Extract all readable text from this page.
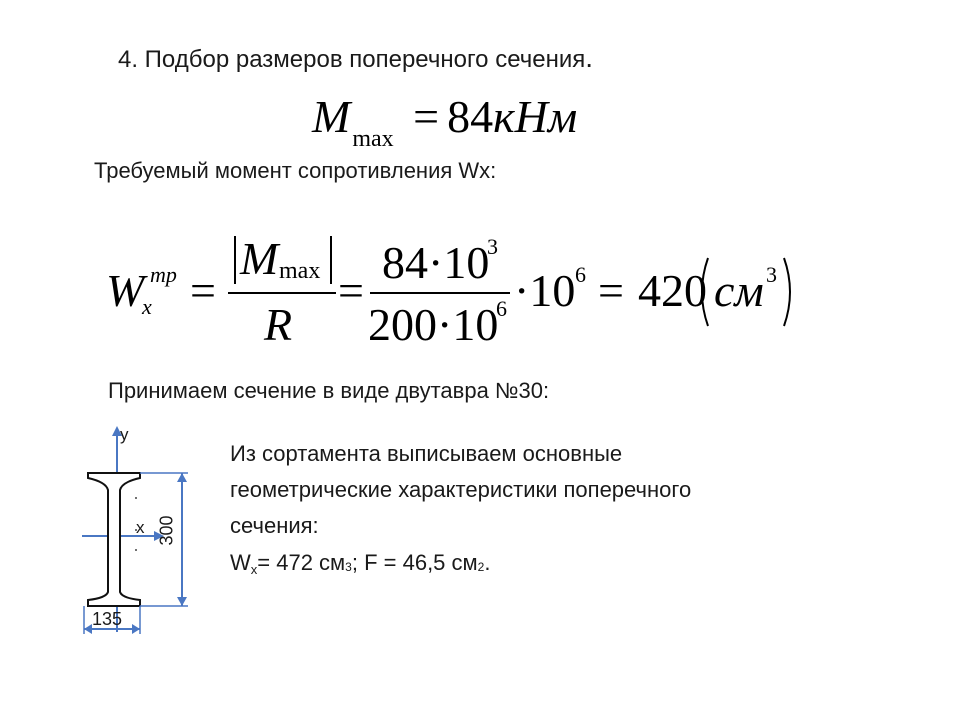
4. Подбор размеров поперечного сечения.
$M_{max} = 84кНм$
Требуемый момент сопротивления Wx:
W тр
x =
M max
R
=
84·10
3
200·10
6 ·10 6 = 420 см 3
Принимаем сечение в виде двутавра №30:
y
x 300
135
Из сортамента выписываем основные
геометрические характеристики поперечного
сечения:
Wx= 472 см3; F = 46,5 см2.
